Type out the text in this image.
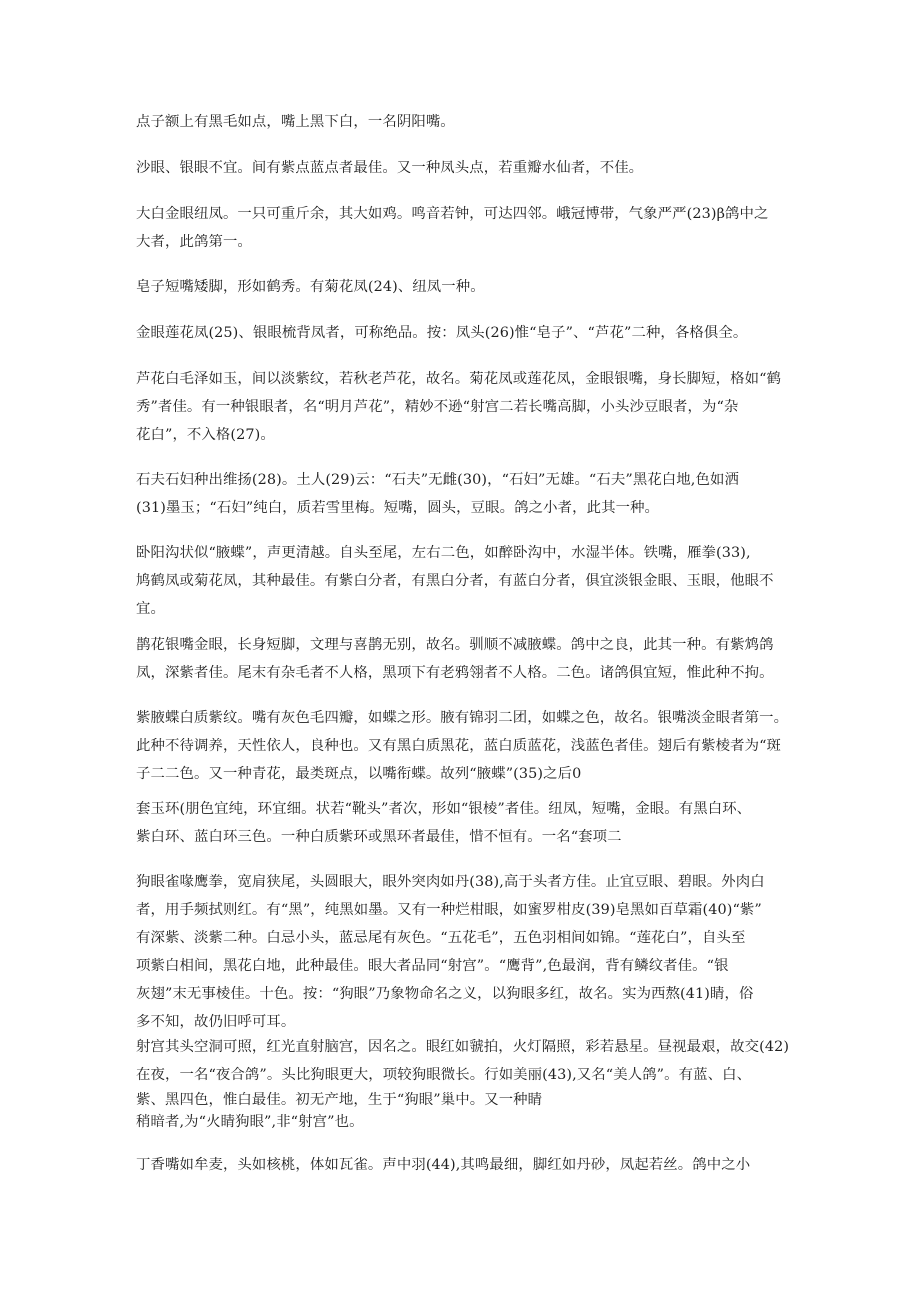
点子额上有黑毛如点，嘴上黑下白，一名阴阳嘴。
沙眼、银眼不宜。间有紫点蓝点者最佳。又一种凤头点，若重瓣水仙者，不佳。
大白金眼纽凤。一只可重斤余，其大如鸡。鸣音若钟，可达四邻。峨冠博带，气象严严(23)β鸽中之
大者，此鸽第一。
皂子短嘴矮脚，形如鹤秀。有菊花凤(24)、纽凤一种。
金眼莲花凤(25)、银眼梳背凤者，可称绝品。按：凤头(26)惟“皂子”、“芦花”二种，各格俱全。
芦花白毛泽如玉，间以淡紫纹，若秋老芦花，故名。菊花凤或莲花凤，金眼银嘴，身长脚短，格如“鹤
秀”者佳。有一种银眼者，名“明月芦花”，精妙不逊“射宫二若长嘴高脚，小头沙豆眼者，为“杂
花白”，不入格(27)。
石夫石妇种出维扬(28)。土人(29)云：“石夫”无雌(30)，“石妇”无雄。“石夫”黑花白地,色如洒
(31)墨玉；“石妇”纯白，质若雪里梅。短嘴，圆头，豆眼。鸽之小者，此其一种。
卧阳沟状似“腋蝶”，声更清越。自头至尾，左右二色，如醉卧沟中，水湿半体。铁嘴，雁拳(33),
鸠鹤凤或菊花凤，其种最佳。有紫白分者，有黑白分者，有蓝白分者，俱宜淡银金眼、玉眼，他眼不
宜。
鹊花银嘴金眼，长身短脚，文理与喜鹊无别，故名。驯顺不减腋蝶。鸽中之良，此其一种。有紫鸩鸽
凤，深紫者佳。尾末有杂毛者不人格，黑项下有老鸦翎者不人格。二色。诸鸽俱宜短，惟此种不拘。
紫腋蝶白质紫纹。嘴有灰色毛四瓣，如蝶之形。腋有锦羽二团，如蝶之色，故名。银嘴淡金眼者第一。
此种不待调养，天性依人，良种也。又有黑白质黑花，蓝白质蓝花，浅蓝色者佳。翅后有紫棱者为“斑
子二二色。又一种青花，最类斑点，以嘴衔蝶。故列“腋蝶”(35)之后0
套玉环(朋色宜纯，环宜细。状若“靴头”者次，形如“银棱”者佳。纽凤，短嘴，金眼。有黑白环、
紫白环、蓝白环三色。一种白质紫环或黑环者最佳，惜不恒有。一名“套项二
狗眼雀喙鹰拳，宽肩狭尾，头圆眼大，眼外突肉如丹(38),高于头者方佳。止宜豆眼、碧眼。外肉白
者，用手频拭则红。有“黑”，纯黑如墨。又有一种烂柑眼，如蜜罗柑皮(39)皂黑如百草霜(40)“紫”
有深紫、淡紫二种。白忌小头，蓝忌尾有灰色。“五花毛”，五色羽相间如锦。“莲花白”，自头至
项紫白相间，黑花白地，此种最佳。眼大者品同“射宫”。“鹰背”,色最润，背有鳞纹者佳。“银
灰翅”末无事棱佳。十色。按：“狗眼”乃象物命名之义，以狗眼多红，故名。实为西熬(41)睛，俗
多不知，故仍旧呼可耳。
射宫其头空洞可照，红光直射脑宫，因名之。眼红如虢拍，火灯隔照，彩若悬星。昼视最艰，故交(42)
在夜，一名“夜合鸽”。头比狗眼更大，项较狗眼微长。行如美丽(43),又名“美人鸽”。有蓝、白、
紫、黑四色，惟白最佳。初无产地，生于“狗眼”巢中。又一种睛
稍暗者,为“火睛狗眼”,非“射宫”也。
丁香嘴如牟麦，头如核桃，体如瓦雀。声中羽(44),其鸣最细，脚红如丹砂，凤起若丝。鸽中之小
